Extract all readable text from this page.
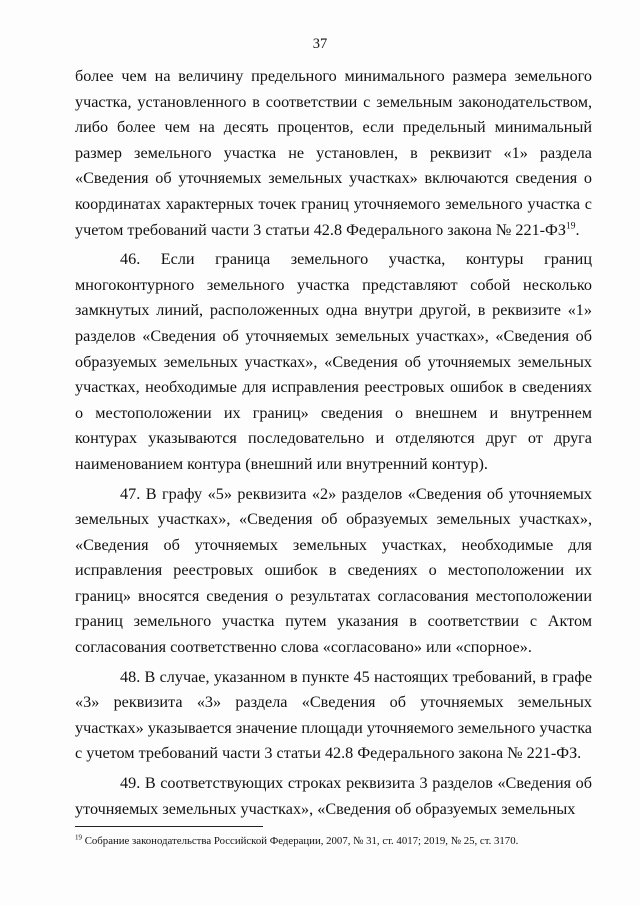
37

более чем на величину предельного минимального размера земельного участка, установленного в соответствии с земельным законодательством, либо более чем на десять процентов, если предельный минимальный размер земельного участка не установлен, в реквизит «1» раздела «Сведения об уточняемых земельных участках» включаются сведения о координатах характерных точек границ уточняемого земельного участка с учетом требований части 3 статьи 42.8 Федерального закона № 221-ФЗ$^{19}$.

46. Если граница земельного участка, контуры границ многоконтурного земельного участка представляют собой несколько замкнутых линий, расположенных одна внутри другой, в реквизите «1» разделов «Сведения об уточняемых земельных участках», «Сведения об образуемых земельных участках», «Сведения об уточняемых земельных участках, необходимые для исправления реестровых ошибок в сведениях о местоположении их границ» сведения о внешнем и внутреннем контурах указываются последовательно и отделяются друг от друга наименованием контура (внешний или внутренний контур).

47. В графу «5» реквизита «2» разделов «Сведения об уточняемых земельных участках», «Сведения об образуемых земельных участках», «Сведения об уточняемых земельных участках, необходимые для исправления реестровых ошибок в сведениях о местоположении их границ» вносятся сведения о результатах согласования местоположении границ земельного участка путем указания в соответствии с Актом согласования соответственно слова «согласовано» или «спорное».

48. В случае, указанном в пункте 45 настоящих требований, в графе «3» реквизита «3» раздела «Сведения об уточняемых земельных участках» указывается значение площади уточняемого земельного участка с учетом требований части 3 статьи 42.8 Федерального закона № 221-ФЗ.

49. В соответствующих строках реквизита 3 разделов «Сведения об уточняемых земельных участках», «Сведения об образуемых земельных

$^{19}$ Собрание законодательства Российской Федерации, 2007, № 31, ст. 4017; 2019, № 25, ст. 3170.
